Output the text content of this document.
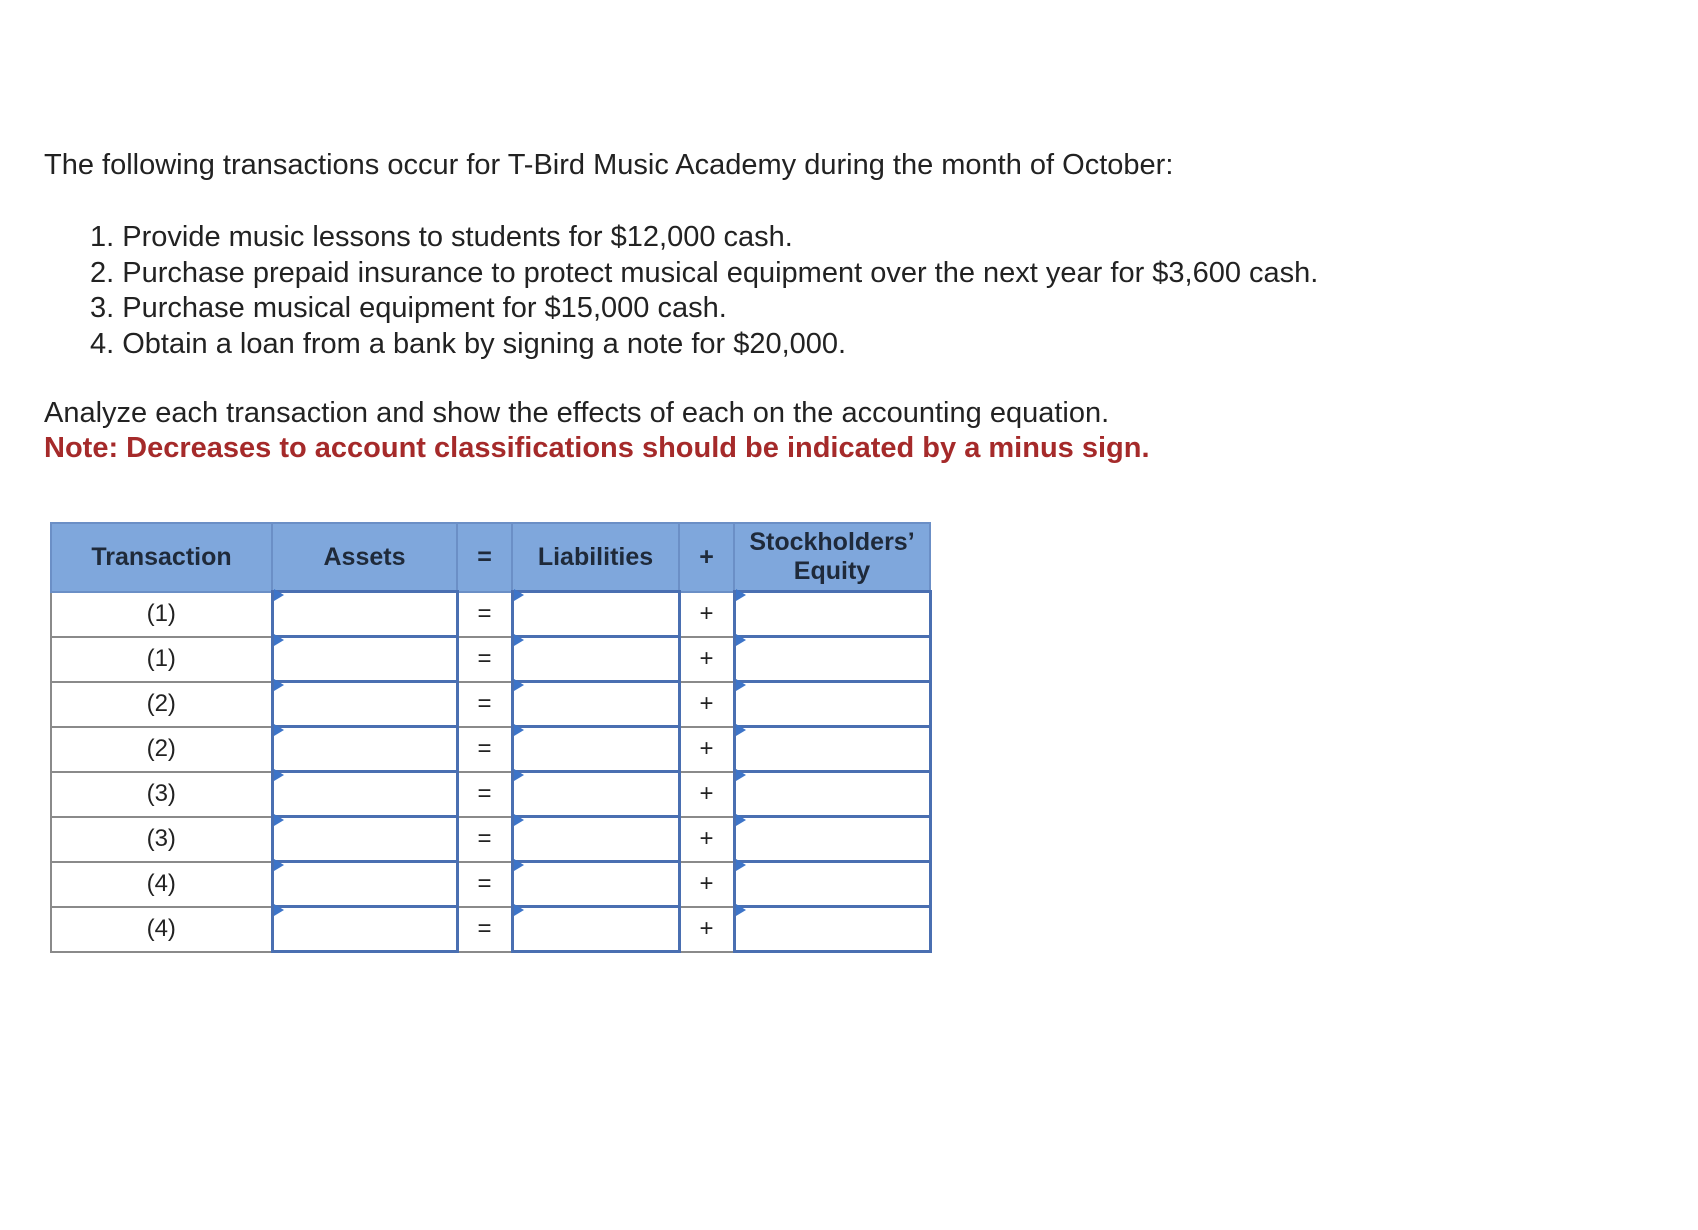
The following transactions occur for T-Bird Music Academy during the month of October:

1. Provide music lessons to students for $12,000 cash.
2. Purchase prepaid insurance to protect musical equipment over the next year for $3,600 cash.
3. Purchase musical equipment for $15,000 cash.
4. Obtain a loan from a bank by signing a note for $20,000.

Analyze each transaction and show the effects of each on the accounting equation.

Note: Decreases to account classifications should be indicated by a minus sign.

Transaction	Assets	=	Liabilities	+	Stockholders’
Equity
(1)		=		+	

(1)		=		+	

(2)		=		+	

(2)		=		+	

(3)		=		+	

(3)		=		+	

(4)		=		+	

(4)		=		+	
